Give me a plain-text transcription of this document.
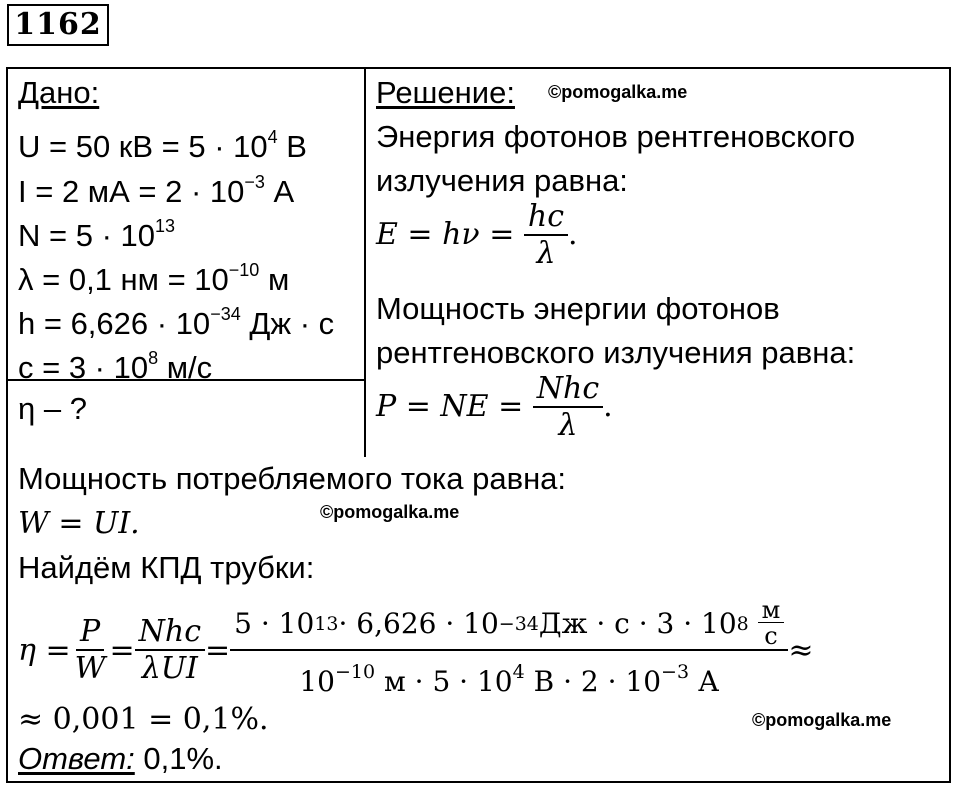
1162
Дано:
U = 50 кВ = $5 \cdot 10^4$ В
I = 2 мА = $2 \cdot 10^{-3}$ А
$N = 5 \cdot 10^{13}$
λ = 0,1 нм = $10^{-10}$ м
$h = 6,626 \cdot 10^{-34}$ Дж · с
$c = 3 \cdot 10^8$ м/с
η – ?
Решение: ©pomogalka.me
Энергия фотонов рентгеновского
излучения равна:
$E = h\nu = \frac{hc}{\lambda}$ .
Мощность энергии фотонов
рентгеновского излучения равна:
P = NE = $\frac{\text{Nhc}}{\lambda}$ .
Мощность потребляемого тока равна:
W = UI.	©pomogalka.me
Найдём КПД трубки:
$\eta = \frac{P}{W} = \frac{\text{Nhc}}{\text{λUI}} = 5 \cdot 10$ 13 · 6,626 · 10 −34 Дж · с · 3 · 10 8
$\frac{м}{с}$
$10^{-10}$ $м \cdot 5 \cdot 10^4$ $В \cdot 2 \cdot 10^{-3}$ А ≈
≈ 0,001 = 0,1%.	©pomogalka.me
Ответ: 0,1%.
